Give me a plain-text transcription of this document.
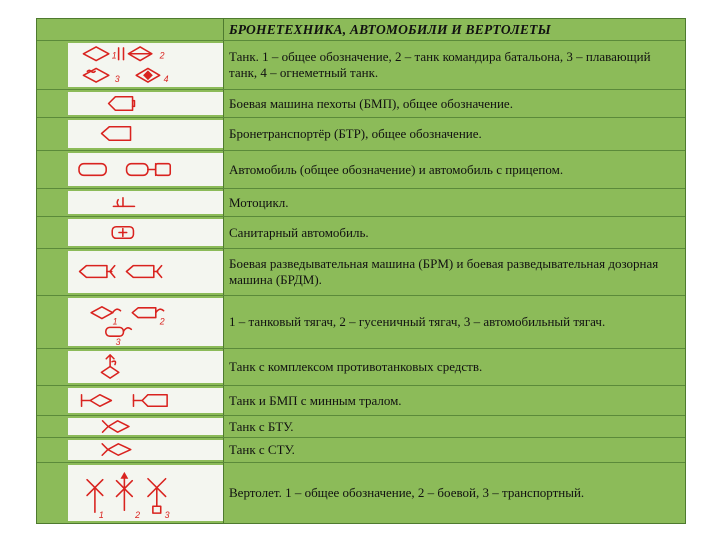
БРОНЕТЕХНИКА, АВТОМОБИЛИ И ВЕРТОЛЕТЫ
1	2
3	4
Танк. 1 – общее обозначение, 2 – танк командира батальона, 3 – плавающий танк, 4 – огнеметный танк.
Боевая машина пехоты (БМП), общее обозначение.
Бронетранспортёр (БТР), общее обозначение.
Автомобиль (общее обозначение) и автомобиль с прицепом.
Мотоцикл.
Санитарный автомобиль.
Боевая разведывательная машина (БРМ) и боевая разведывательная дозорная машина (БРДМ).
1	2
3
1 – танковый тягач, 2 – гусеничный тягач, 3 – автомобильный тягач.
Танк с комплексом противотанковых средств.
Танк и БМП с минным тралом.
Танк с БТУ.
Танк с СТУ.
1	2	3
Вертолет. 1 – общее обозначение, 2 – боевой, 3 – транспортный.
